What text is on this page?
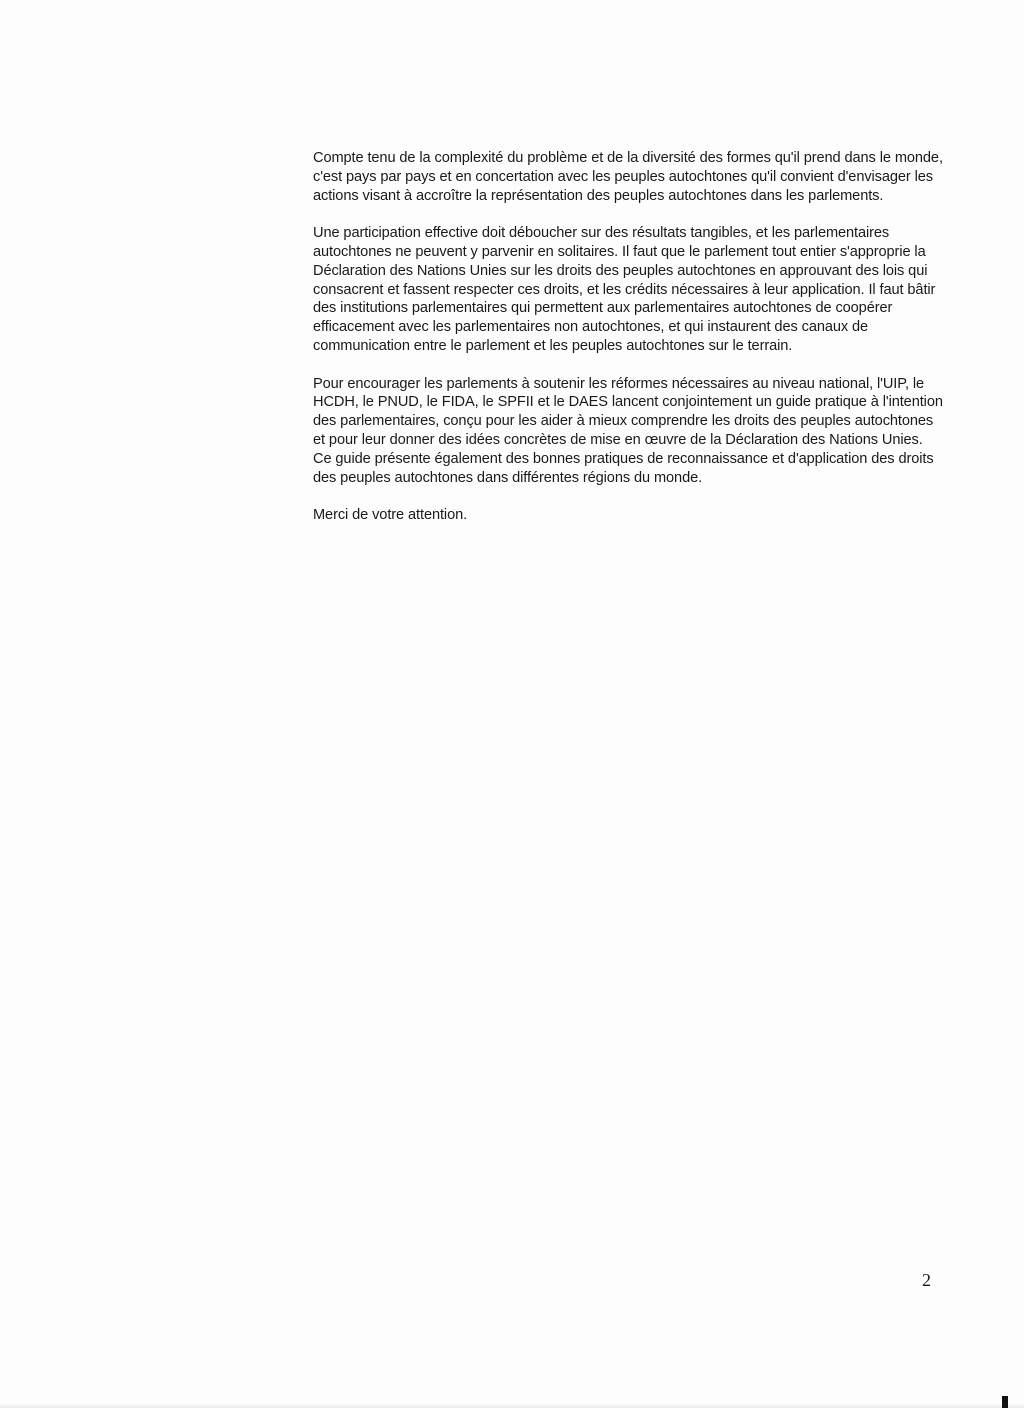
Compte tenu de la complexité du problème et de la diversité des formes qu'il prend dans le monde, c'est pays par pays et en concertation avec les peuples autochtones qu'il convient d'envisager les actions visant à accroître la représentation des peuples autochtones dans les parlements.

Une participation effective doit déboucher sur des résultats tangibles, et les parlementaires autochtones ne peuvent y parvenir en solitaires. Il faut que le parlement tout entier s'approprie la Déclaration des Nations Unies sur les droits des peuples autochtones en approuvant des lois qui consacrent et fassent respecter ces droits, et les crédits nécessaires à leur application. Il faut bâtir des institutions parlementaires qui permettent aux parlementaires autochtones de coopérer efficacement avec les parlementaires non autochtones, et qui instaurent des canaux de communication entre le parlement et les peuples autochtones sur le terrain.

Pour encourager les parlements à soutenir les réformes nécessaires au niveau national, l'UIP, le HCDH, le PNUD, le FIDA, le SPFII et le DAES lancent conjointement un guide pratique à l'intention des parlementaires, conçu pour les aider à mieux comprendre les droits des peuples autochtones et pour leur donner des idées concrètes de mise en œuvre de la Déclaration des Nations Unies. Ce guide présente également des bonnes pratiques de reconnaissance et d'application des droits des peuples autochtones dans différentes régions du monde.

Merci de votre attention.

2
